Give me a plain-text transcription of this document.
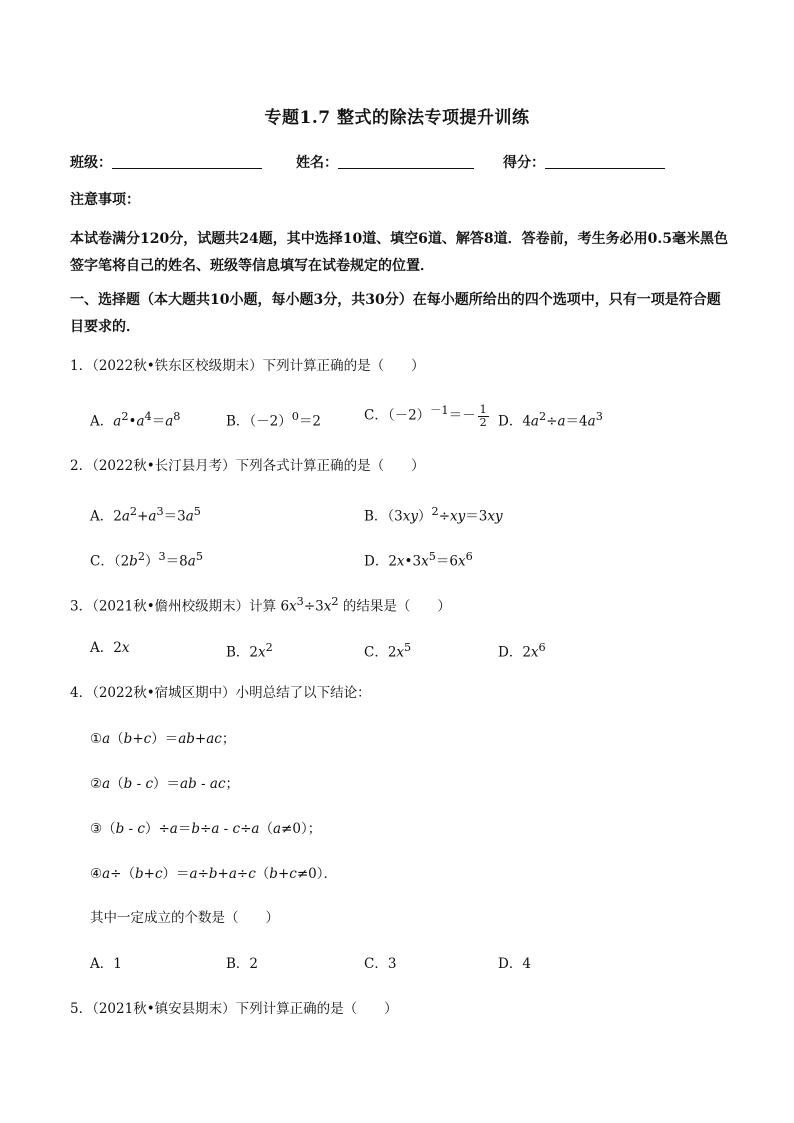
专题1.7 整式的除法专项提升训练
班级：	姓名：	得分：
注意事项：
本试卷满分120分，试题共24题，其中选择10道、填空6道、解答8道．答卷前，考生务必用0.5毫米黑色签字笔将自己的姓名、班级等信息填写在试卷规定的位置．
一、选择题（本大题共10小题，每小题3分，共30分）在每小题所给出的四个选项中，只有一项是符合题目要求的．
1．（2022秋•铁东区校级期末）下列计算正确的是（　　）
A．$a^2•a^4=a^8$	B．$(-2)^0=2$	C．$(-2)^{-1}=- \frac{1}{2}$ D．$4a^2\div a=4a^3$
2．（2022秋•长汀县月考）下列各式计算正确的是（　　）
A．$2a^2+a^3=3a^5$	B．$(3xy)^2\div xy=3xy$
C．$(2b^2)^3=8a^5$	D．$2x•3x^5=6x^6$
3．（2021秋•儋州校级期末）计算 $6x^3\div 3x^2$ 的结果是（　　）
A．2x	B．$2x^2$	C．$2x^5$	D．$2x^6$
4．（2022秋•宿城区期中）小明总结了以下结论：
①a（b+c）＝ab+ac；
②a（b - c）＝ab - ac；
③（b - c）÷a＝b÷a - c÷a（a≠0）；
④a÷（b+c）＝a÷b+a÷c（b+c≠0）．
其中一定成立的个数是（　　）
A．1	B．2	C．3	D．4
5．（2021秋•镇安县期末）下列计算正确的是（　　）
